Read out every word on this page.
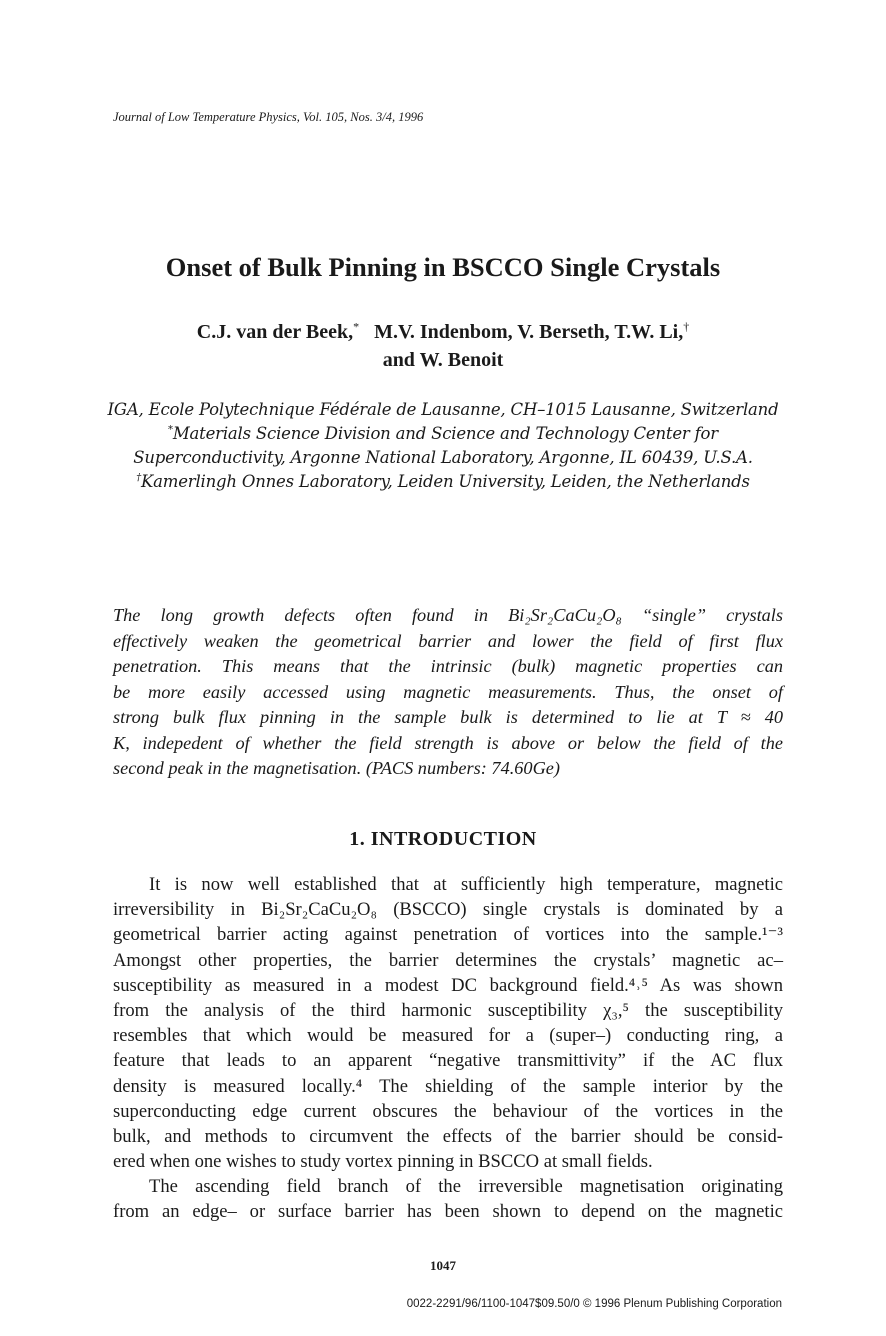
Journal of Low Temperature Physics, Vol. 105, Nos. 3/4, 1996
Onset of Bulk Pinning in BSCCO Single Crystals
C.J. van der Beek,* M.V. Indenbom, V. Berseth, T.W. Li,†
and W. Benoit
IGA, Ecole Polytechnique Fédérale de Lausanne, CH–1015 Lausanne, Switzerland
*Materials Science Division and Science and Technology Center for
Superconductivity, Argonne National Laboratory, Argonne, IL 60439, U.S.A.
†Kamerlingh Onnes Laboratory, Leiden University, Leiden, the Netherlands
The long growth defects often found in Bi₂Sr₂CaCu₂O₈ “single” crystals
effectively weaken the geometrical barrier and lower the field of first flux
penetration. This means that the intrinsic (bulk) magnetic properties can
be more easily accessed using magnetic measurements. Thus, the onset of
strong bulk flux pinning in the sample bulk is determined to lie at T ≈ 40
K, indepedent of whether the field strength is above or below the field of the
second peak in the magnetisation. (PACS numbers: 74.60Ge)
1. INTRODUCTION
It is now well established that at sufficiently high temperature, magnetic
irreversibility in Bi₂Sr₂CaCu₂O₈ (BSCCO) single crystals is dominated by a
geometrical barrier acting against penetration of vortices into the sample.¹⁻³
Amongst other properties, the barrier determines the crystals’ magnetic ac–
susceptibility as measured in a modest DC background field.⁴˒⁵ As was shown
from the analysis of the third harmonic susceptibility χ₃,⁵ the susceptibility
resembles that which would be measured for a (super–) conducting ring, a
feature that leads to an apparent “negative transmittivity” if the AC flux
density is measured locally.⁴ The shielding of the sample interior by the
superconducting edge current obscures the behaviour of the vortices in the
bulk, and methods to circumvent the effects of the barrier should be consid-
ered when one wishes to study vortex pinning in BSCCO at small fields.
The ascending field branch of the irreversible magnetisation originating
from an edge– or surface barrier has been shown to depend on the magnetic
1047
0022-2291/96/1100-1047$09.50/0 © 1996 Plenum Publishing Corporation
